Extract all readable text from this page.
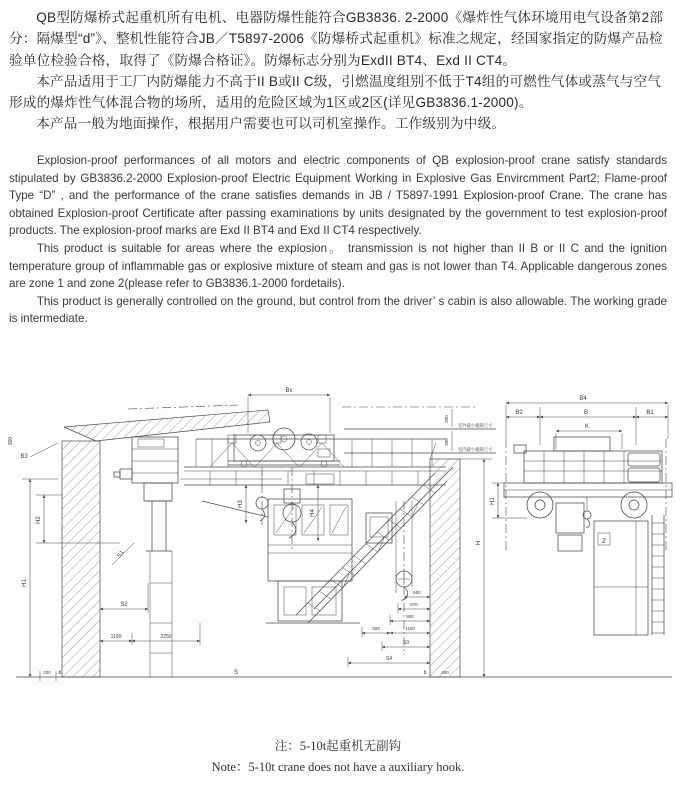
QB型防爆桥式起重机所有电机、电器防爆性能符合GB3836. 2-2000《爆炸性气体环境用电气设备第2部分：隔爆型“d”》、整机性能符合JB／T5897-2006《防爆桥式起重机》标准之规定，经国家指定的防爆产品检验单位检验合格，取得了《防爆合格证》。防爆标志分别为ExdII BT4、Exd II CT4。

本产品适用于工厂内防爆能力不高于II B或II C级，引燃温度组别不低于T4组的可燃性气体或蒸气与空气形成的爆炸性气体混合物的场所，适用的危险区域为1区或2区(详见GB3836.1-2000)。

本产品一般为地面操作，根据用户需要也可以司机室操作。工作级别为中级。

Explosion-proof performances of all motors and electric components of QB explosion-proof crane satisfy standards stipulated by GB3836.2-2000 Explosion-proof Electric Equipment Working in Explosive Gas Envircmment Part2; Flame-proof Type “D” , and the performance of the crane satisfies demands in JB / T5897-1991 Explosion-proof Crane. The crane has obtained Explosion-proof Certificate after passing examinations by units designated by the government to test explosion-proof products. The explosion-proof marks are Exd II BT4 and Exd II CT4 respectively.

This product is suitable for areas where the explosion。 transmission is not higher than II B or II C and the ignition temperature group of inflammable gas or explosive mixture of steam and gas is not lower than T4. Applicable dangerous zones are zone 1 and zone 2(please refer to GB3836.1-2000 fordetails).

This product is generally controlled on the ground, but control from the driver’ s cabin is also allowable. The working grade is intermediate.

300
B3
Bx
H3
H4
H1
H2
S1
S2
1100	2250
S
200 b
200
300
室外最小极限尺寸
室内最小极限尺寸
H
600
670
900
300	1100
S3
S4
b	200
B4
B2	B	B1
K
H1
2

注：5-10t起重机无副钩

Note：5-10t crane does not have a auxiliary hook.
